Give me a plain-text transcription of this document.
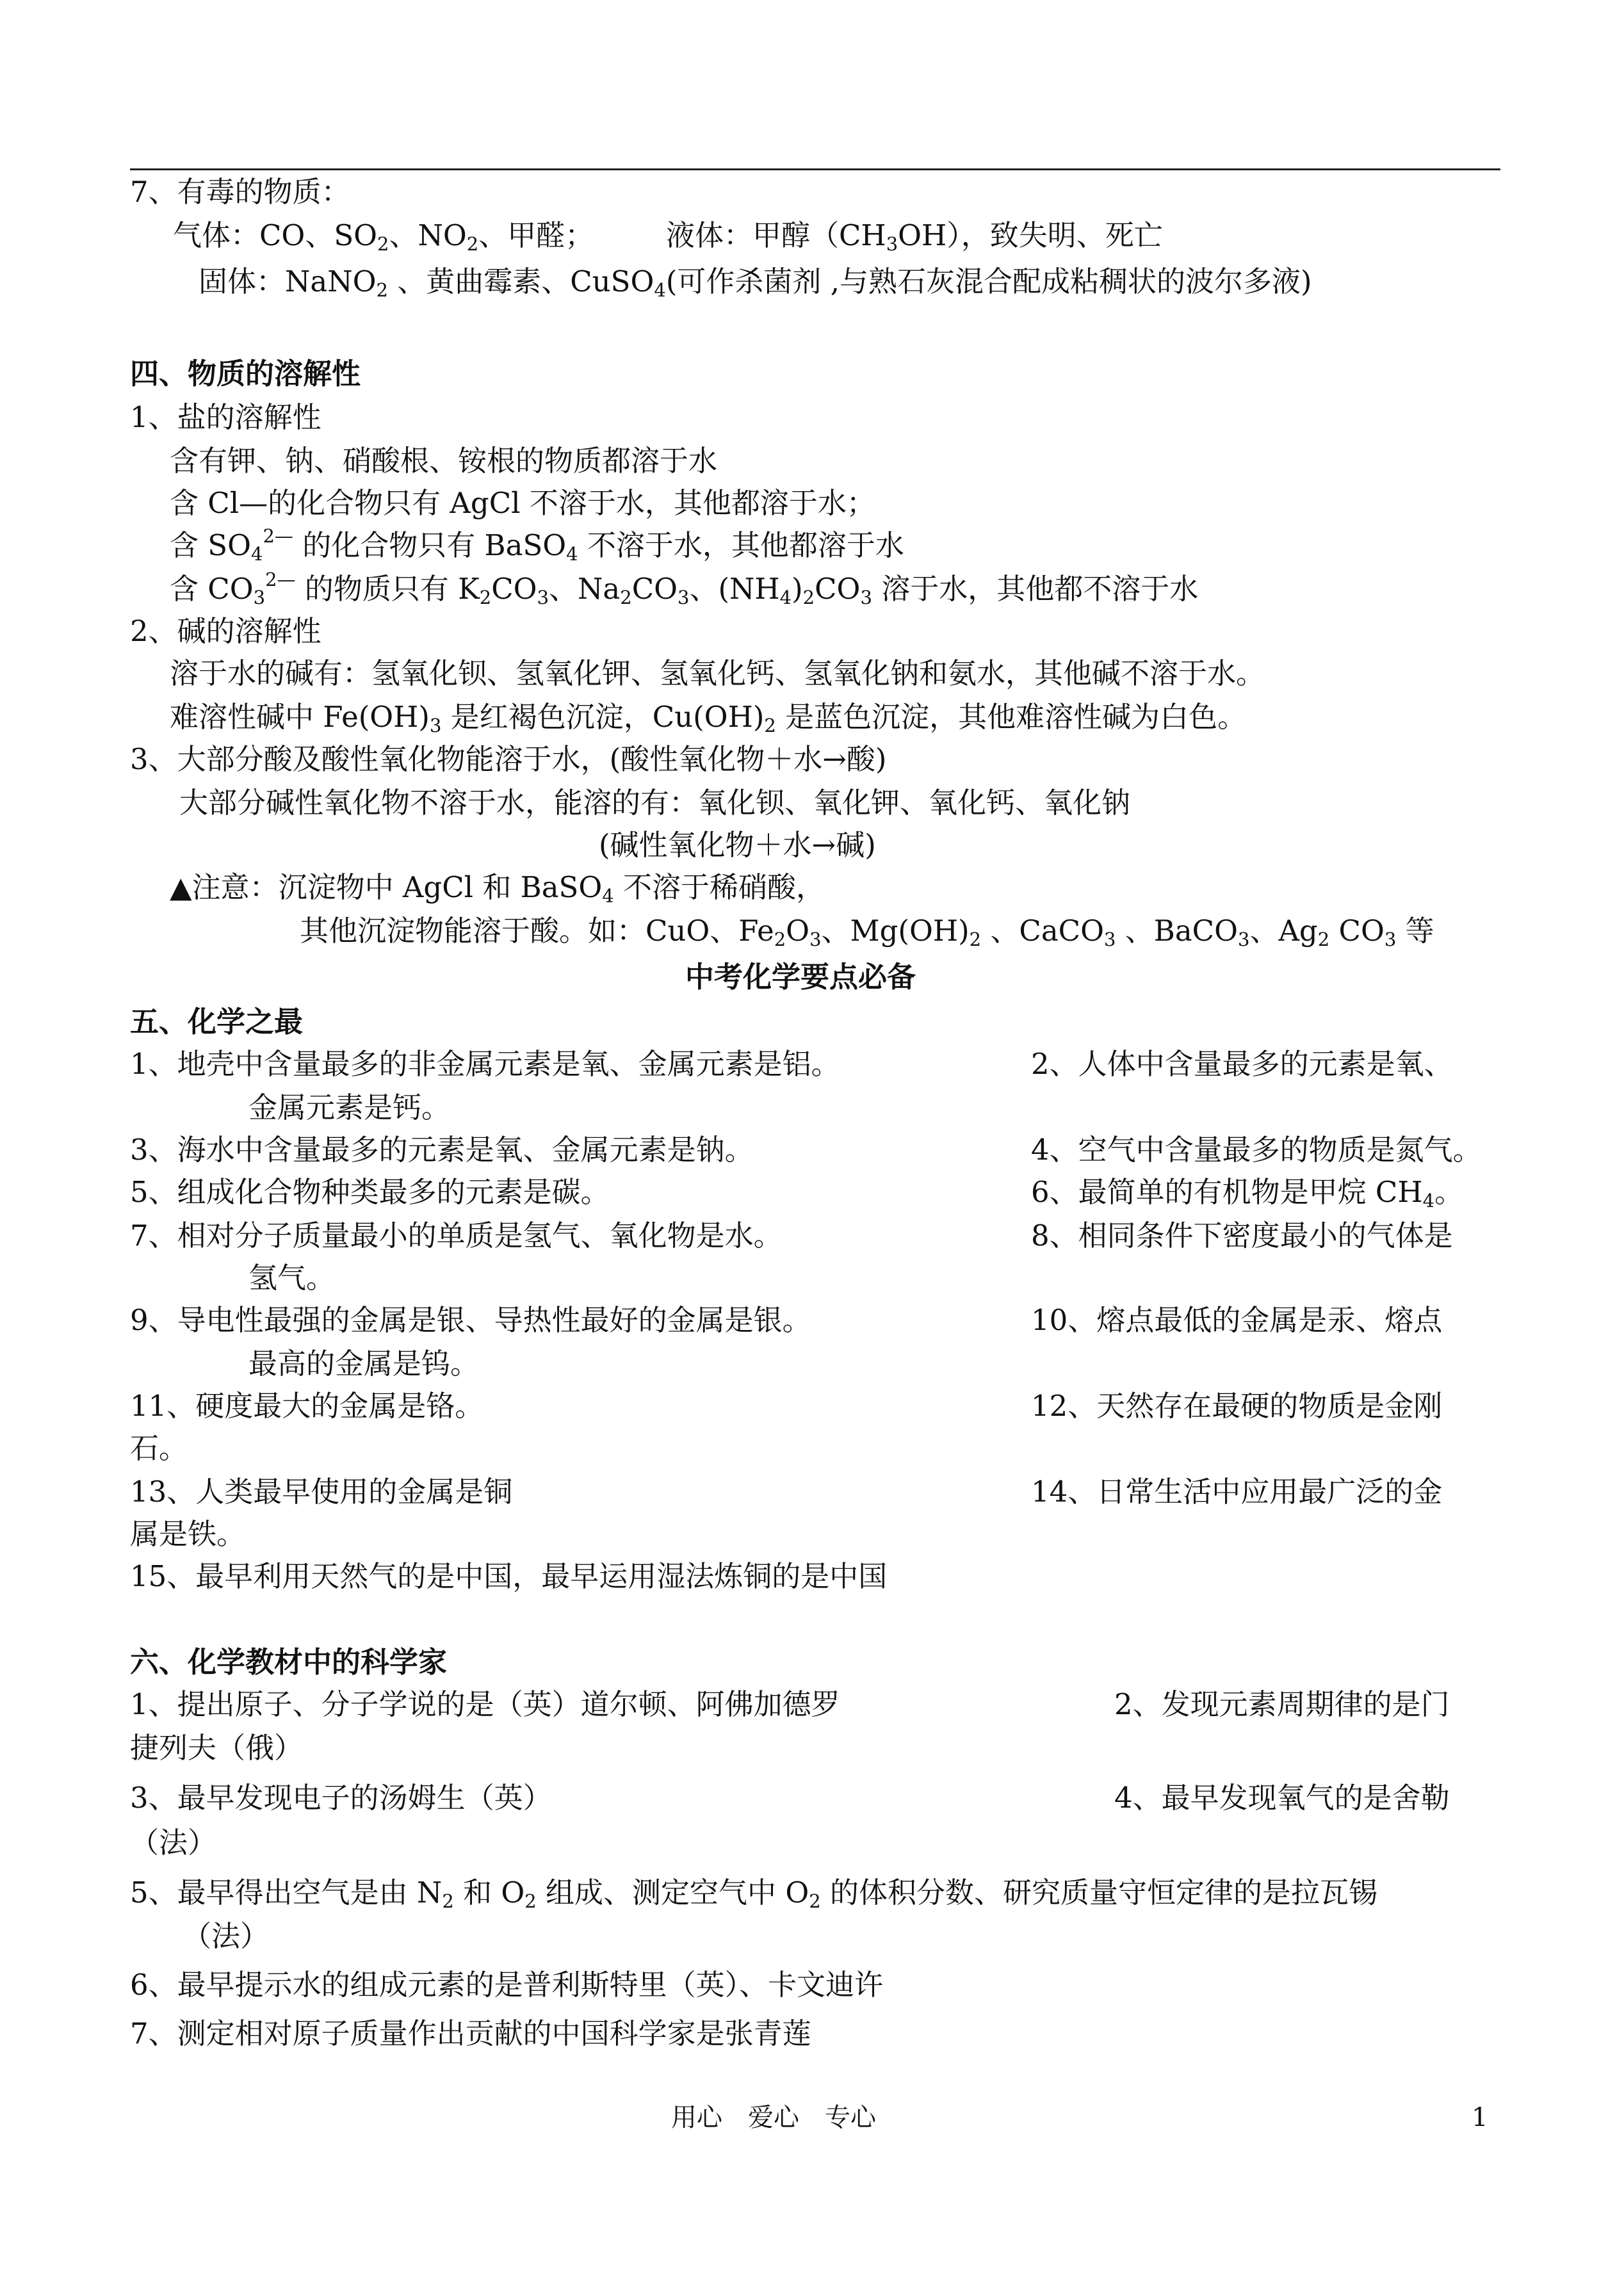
7、有毒的物质：
气体：CO、$SO_2$、$NO_2$、甲醛；	液体：甲醇$(CH_3OH)$，致失明、死亡
固体：NaNO$_2$ 、黄曲霉素、CuSO$_4$(可作杀菌剂 ,与熟石灰混合配成粘稠状的波尔多液)
四、物质的溶解性
1、盐的溶解性
含有钾、钠、硝酸根、铵根的物质都溶于水
含 Cl—的化合物只有 AgCl 不溶于水，其他都溶于水；
含 $SO_4^{2—}$ 的化合物只有 BaSO$_4$ 不溶于水，其他都溶于水
含 $CO_3^{2—}$ 的物质只有 $K_2CO_3$、$Na_2CO_3$、$(NH_4)_2CO_3$ 溶于水，其他都不溶于水
2、碱的溶解性
溶于水的碱有：氢氧化钡、氢氧化钾、氢氧化钙、氢氧化钠和氨水，其他碱不溶于水。
难溶性碱中 $Fe(OH)_3$ 是红褐色沉淀，$Cu(OH)_2$ 是蓝色沉淀，其他难溶性碱为白色。
3、大部分酸及酸性氧化物能溶于水，(酸性氧化物＋水→酸)
大部分碱性氧化物不溶于水，能溶的有：氧化钡、氧化钾、氧化钙、氧化钠
(碱性氧化物＋水→碱)
▲注意：沉淀物中 AgCl 和 BaSO$_4$ 不溶于稀硝酸，
其他沉淀物能溶于酸。如：CuO、$Fe_2O_3$、$Mg(OH)_2$ 、CaCO$_3$ 、BaCO$_3$、$Ag_2$ $CO_3$ 等
中考化学要点必备
五、化学之最
1、地壳中含量最多的非金属元素是氧、金属元素是铝。	2、人体中含量最多的元素是氧、
金属元素是钙。
3、海水中含量最多的元素是氧、金属元素是钠。	4、空气中含量最多的物质是氮气。
5、组成化合物种类最多的元素是碳。	6、最简单的有机物是甲烷 $CH_4$。
7、相对分子质量最小的单质是氢气、氧化物是水。	8、相同条件下密度最小的气体是
氢气。
9、导电性最强的金属是银、导热性最好的金属是银。	10、熔点最低的金属是汞、熔点
最高的金属是钨。
11、硬度最大的金属是铬。	12、天然存在最硬的物质是金刚
石。
13、人类最早使用的金属是铜	14、日常生活中应用最广泛的金
属是铁。
15、最早利用天然气的是中国，最早运用湿法炼铜的是中国
六、化学教材中的科学家
1、提出原子、分子学说的是（英）道尔顿、阿佛加德罗	2、发现元素周期律的是门
捷列夫（俄）
3、最早发现电子的汤姆生（英）	4、最早发现氧气的是舍勒
（法）
5、最早得出空气是由 $N_2$ 和 $O_2$ 组成、测定空气中 $O_2$ 的体积分数、研究质量守恒定律的是拉瓦锡
（法）
6、最早提示水的组成元素的是普利斯特里（英）、卡文迪许
7、测定相对原子质量作出贡献的中国科学家是张青莲
用心　爱心　专心	1
